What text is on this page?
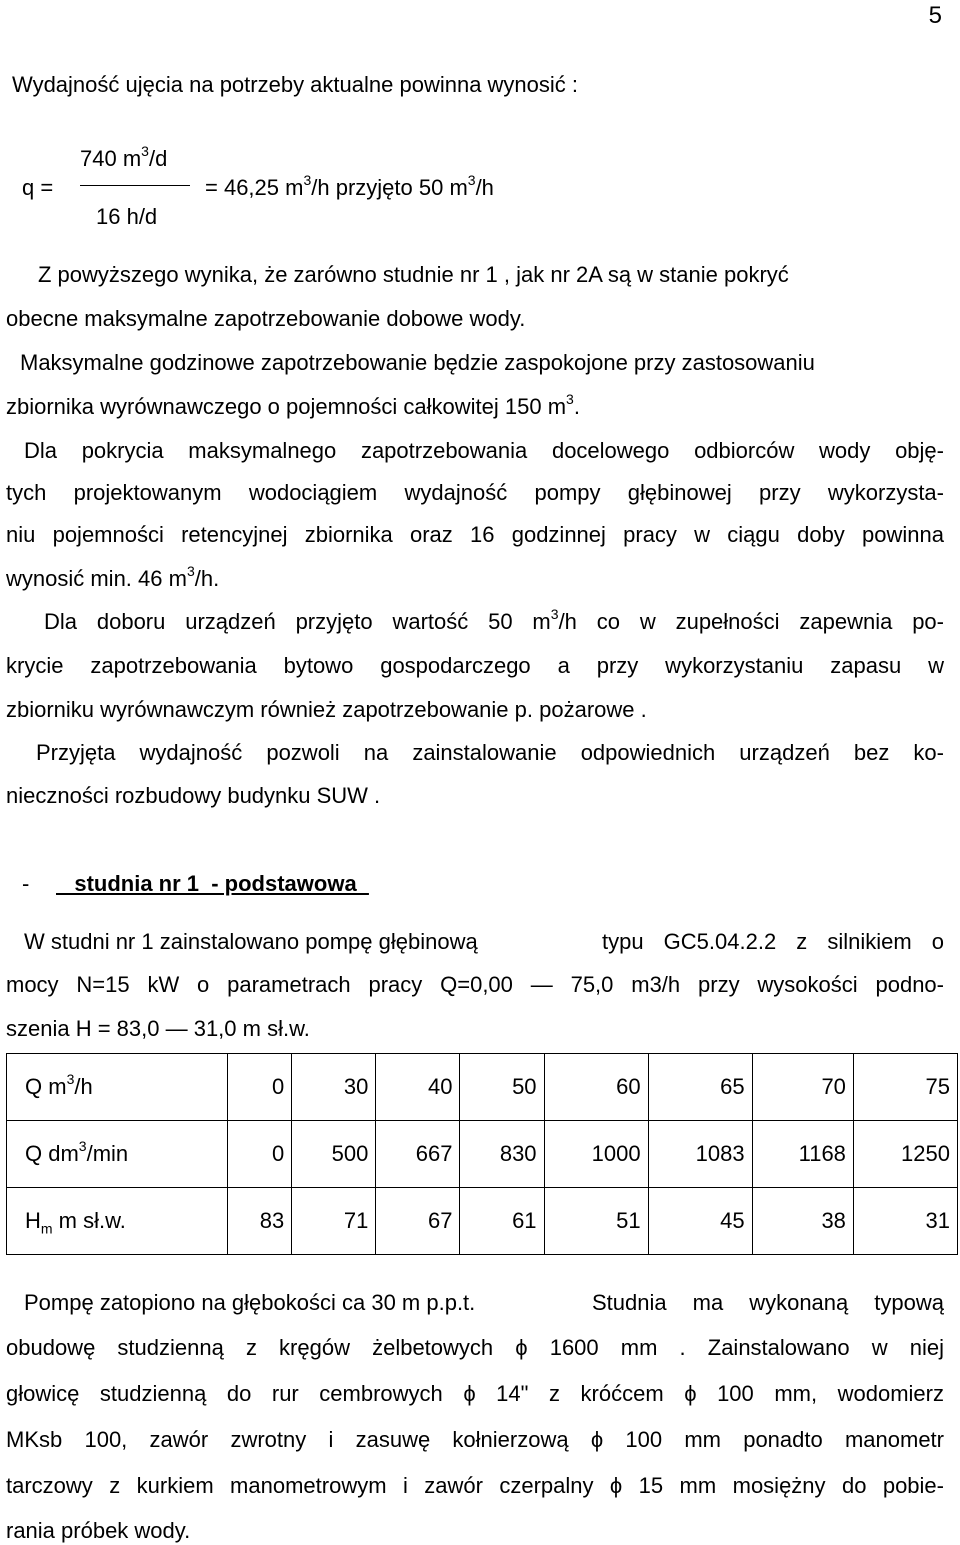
5
Wydajność ujęcia na potrzeby aktualne powinna wynosić :
740 $m^3/d$
q =	= 46,25 $m^3/h$ przyjęto 50 $m^3/h$
16 h/d
Z powyższego wynika, że zarówno studnie nr 1 , jak nr 2A są w stanie pokryć
obecne maksymalne zapotrzebowanie dobowe wody.
Maksymalne godzinowe zapotrzebowanie będzie zaspokojone przy zastosowaniu
zbiornika wyrównawczego o pojemności całkowitej 150 $m^3$.
Dla pokrycia maksymalnego zapotrzebowania docelowego odbiorców wody obję-
tych projektowanym wodociągiem wydajność pompy głębinowej przy wykorzysta-
niu pojemności retencyjnej zbiornika oraz 16 godzinnej pracy w ciągu doby powinna
wynosić min. 46 $m^3/h$.
Dla doboru urządzeń przyjęto wartość 50 $m^3/h$ co w zupełności zapewnia po-
krycie zapotrzebowania bytowo gospodarczego a przy wykorzystaniu zapasu w
zbiorniku wyrównawczym również zapotrzebowanie p. pożarowe .
Przyjęta wydajność pozwoli na zainstalowanie odpowiednich urządzeń bez ko-
nieczności rozbudowy budynku SUW .
- studnia nr 1  - podstawowa
W studni nr 1 zainstalowano pompę głębinową	typu GC5.04.2.2 z silnikiem o
mocy N=15 kW o parametrach pracy Q=0,00 — 75,0 m3/h przy wysokości podno-
szenia H = 83,0 — 31,0 m sł.w.
Q $m^3/h$	0	30	40	50	60	65	70	75
Q $dm^3/\min$	0	500	667	830	1000	1083	1168	1250
$H_m$ m sł.w.	83	71	67	61	51	45	38	31
Pompę zatopiono na głębokości ca 30 m p.p.t.	Studnia ma wykonaną typową
obudowę studzienną z kręgów żelbetowych ϕ 1600 mm . Zainstalowano w niej
głowicę studzienną do rur cembrowych ϕ 14" z króćcem ϕ 100 mm, wodomierz
MKsb 100, zawór zwrotny i zasuwę kołnierzową ϕ 100 mm ponadto manometr
tarczowy z kurkiem manometrowym i zawór czerpalny ϕ 15 mm mosiężny do pobie-
rania próbek wody.
